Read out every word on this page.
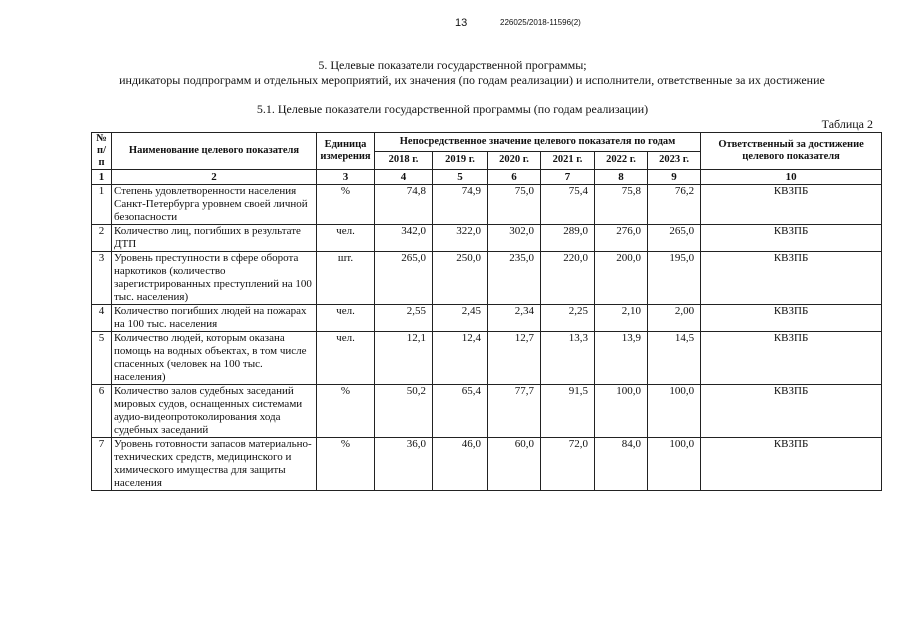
13	226025/2018-11596(2)
5. Целевые показатели государственной программы;
индикаторы подпрограмм и отдельных мероприятий, их значения (по годам реализации) и исполнители, ответственные за их достижение
5.1. Целевые показатели государственной программы (по годам реализации)
Таблица 2
№ п/п	Наименование целевого показателя	Единица измерения	Непосредственное значение целевого показателя по годам						Ответственный за достижение целевого показателя
			2018 г.	2019 г.	2020 г.	2021 г.	2022 г.	2023 г.	
1	2	3	4	5	6	7	8	9	10
1	Степень удовлетворенности населения Санкт-Петербурга уровнем своей личной безопасности	%	74,8	74,9	75,0	75,4	75,8	76,2	КВЗПБ
2	Количество лиц, погибших в результате ДТП	чел.	342,0	322,0	302,0	289,0	276,0	265,0	КВЗПБ
3	Уровень преступности в сфере оборота наркотиков (количество зарегистрированных преступлений на 100 тыс. населения)	шт.	265,0	250,0	235,0	220,0	200,0	195,0	КВЗПБ
4	Количество погибших людей на пожарах на 100 тыс. населения	чел.	2,55	2,45	2,34	2,25	2,10	2,00	КВЗПБ
5	Количество людей, которым оказана помощь на водных объектах, в том числе спасенных (человек на 100 тыс. населения)	чел.	12,1	12,4	12,7	13,3	13,9	14,5	КВЗПБ
6	Количество залов судебных заседаний мировых судов, оснащенных системами аудио-видеопротоколирования хода судебных заседаний	%	50,2	65,4	77,7	91,5	100,0	100,0	КВЗПБ
7	Уровень готовности запасов материально-технических средств, медицинского и химического имущества для защиты населения	%	36,0	46,0	60,0	72,0	84,0	100,0	КВЗПБ
